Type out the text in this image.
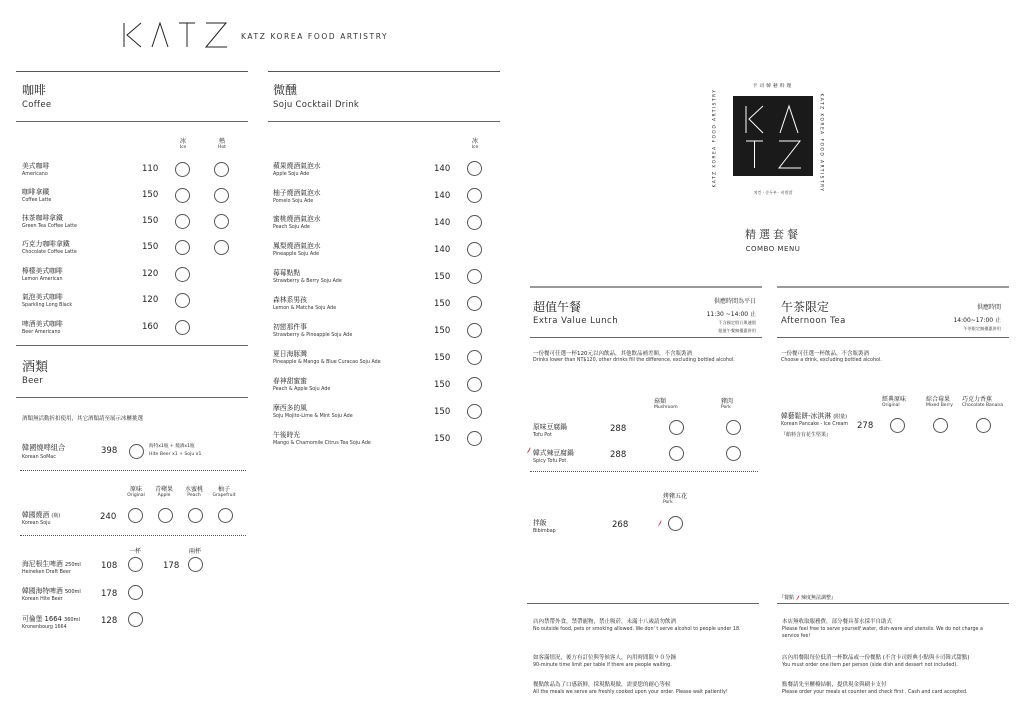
KATZ KOREA FOOD ARTISTRY
咖啡
Coffee
冰
Ice
熱
Hot
美式咖啡
Americano
110
咖啡拿鐵
Coffee Latte
150
抹茶咖啡拿鐵
Green Tea Coffee Latte
150
巧克力咖啡拿鐵
Chocolate Coffee Latte
150
檸檬美式咖啡
Lemon American
120
氣泡美式咖啡
Sparkling Long Black
120
啤酒美式咖啡
Beer Americano
160
酒類
Beer
酒類無活動折扣使用，其它酒類請至展示冰櫃挑選
韓國燒啤組合
Korean SoMac
398	海特x1瓶 + 燒酒x1瓶
Hite Beer x1 + Soju x1
原味
Original
青蘋果
Apple
水蜜桃
Peach
柚子
Grapefruit
韓國燒酒 (瓶)
Korean Soju
240
一杯	兩杯
海尼根生啤酒 250ml
Heineken Draft Beer
108	178
韓國海特啤酒 500ml
Korean Hite Beer
178
可倫堡 1664 360ml
Kronenbourg 1664
128
微醺
Soju Cocktail Drink
冰
Ice
蘋果燒酒氣泡水
Apple Soju Ade
140
柚子燒酒氣泡水
Pomelo Soju Ade
140
蜜桃燒酒氣泡水
Peach Soju Ade	140
鳳梨燒酒氣泡水
Pineapple Soju Ade	140
莓莓點點
Strawberry & Berry Soju Ade	150
森林系男孩
Lemon & Matcha Soju Ade	150
初戀那件事
Strawberry & Pineapple Soju Ade	150
夏日海豚灣
Pineapple & Mango & Blue Curacao Soju Ade	150
春神甜蜜蜜
Peach & Apple Soju Ade	150
摩西多的風
Soju Mojito-Lime & Mint Soju Ade	150
午後時光
Mango & Chamomile Citrus Tea Soju Ade	150
卡司韓藝料理
KATZ KOREA FOOD ARTISTRY	KATZ KOREA FOOD ARTISTRY
치킨 · 순두부 · 비빔밥
精選套餐
COMBO MENU
超值午餐
Extra Value Lunch
供應時間為平日
11:30 ~14:00 止
不含國定假日與連假
超值午餐無優惠併用
一份餐可任選一杯120元以內飲品，其他飲品補差額，不含瓶裝酒
Drinks lower than NT$120, other drinks fill the difference, excluding bottled alcohol.
菇類
Mushroom
豬肉
Pork
原味豆腐鍋
Tofu Pot
288
韓式辣豆腐鍋
Spicy Tofu Pot
288
烤豬五花
Pork
拌飯
Bibimbap
268
午茶限定
Afternoon Tea
供應時間
14:00~17:00 止
午茶限定無優惠併用
一份餐可任選一杯飲品，不含瓶裝酒
Choose a drink, excluding bottled alcohol.
經典原味
Original
綜合莓果
Mixed Berry
巧克力香蕉
Chocolate Banana
韓藝鬆餅-冰淇淋 (附量)
Korean Pancake - Ice Cream
『餡料含有花生堅果』
278
『餐點 辣度無法調整』
店內禁帶外食，禁帶寵物，禁止吸菸，未滿十八歲請勿飲酒
No outside food, pets or smoking allowed. We don' t serve alcohol to people under 18.
如客滿情況，後方有訂位與等候客人，內用時間限９０分鐘
90-minute time limit per table if there are people waiting.
餐點飲品為了口感新鮮，採現點現做，需要您的耐心等候
All the meals we serve are freshly cooked upon your order. Please wait patiently!
本店無收取服務費，部分餐具茶水採半自助式
Please feel free to serve yourself water, dish-ware and utensils. We do not charge a
service fee!
店內用餐限每位低消一杯飲品或一份餐點 (不含卡司經典小點與卡司韓式甜點)
You must order one item per person (side dish and dessert not included).
點餐請先至櫃檯結帳，提供現金與刷卡支付
Please order your meals at counter and check first . Cash and card accepted.
